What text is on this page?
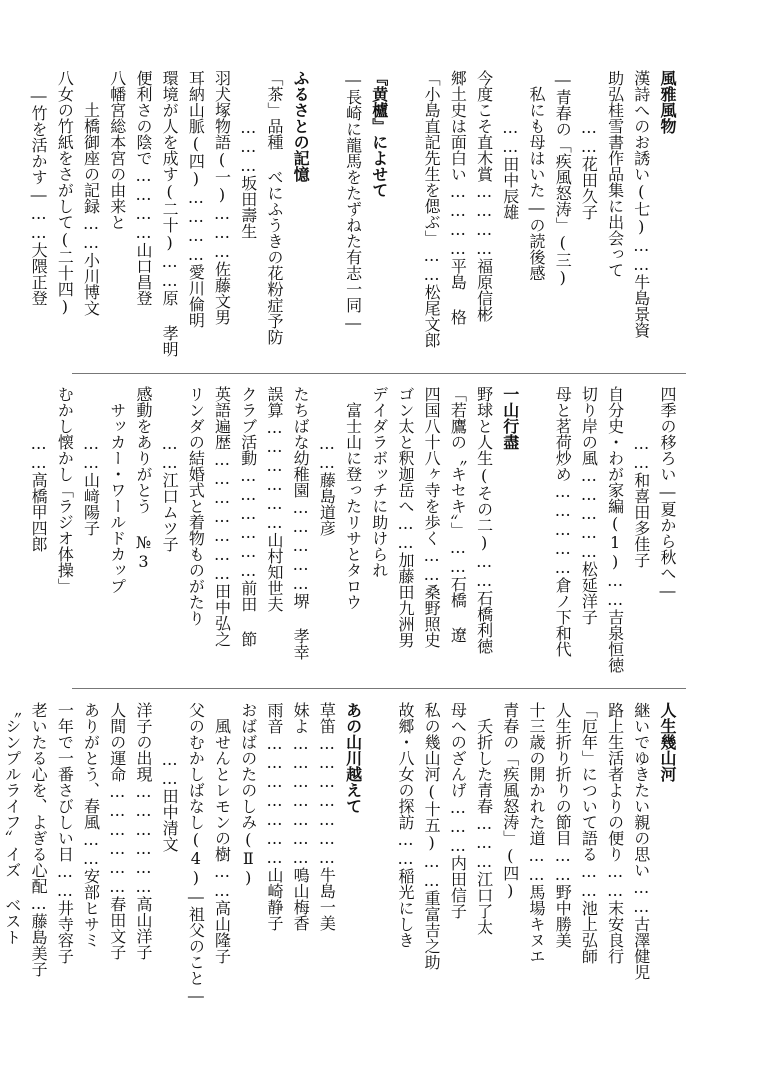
風雅風物
漢詩へのお誘い(七)……牛島景資
助弘桂雪書作品集に出会って
……花田久子
―青春の「疾風怒涛」(三)
私にも母はいた―の読後感
……田中辰雄
今度こそ直木賞…………福原信彬
郷土史は面白い…………平島 格
「小島直記先生を偲ぶ」……松尾文郎
『黄櫨』によせて
―長崎に龍馬をたずねた有志一同―
ふるさとの記憶
「茶」品種 べにふうきの花粉症予防
………坂田壽生
羽犬塚物語(一)………佐藤文男
耳納山脈(四)…………愛川倫明
環境が人を成す(二十)……原 孝明
便利さの陰で…………山口昌登
八幡宮総本宮の由来と
土橋御座の記録……小川博文
八女の竹紙をさがして(二十四)
―竹を活かす―……大隈正登
四季の移ろい―夏から秋へ―
……和喜田多佳子
自分史・わが家編(1)……吉泉恒徳
切り岸の風……………松延洋子
母と茗荷炒め……………倉ノ下和代
一山行盡
野球と人生(その二)……石橋利徳
「若鷹の〝キセキ〟」……石橋 遼
四国八十八ヶ寺を歩く……桑野照史
ゴン太と釈迦岳へ……加藤田九洲男
デイダラボッチに助けられ
富士山に登ったリサとタロウ
……藤島道彦
たちばな幼稚園……………堺 孝幸
誤算………………山村知世夫
クラブ活動………………前田 節
英語遍歴…………………田中弘之
リンダの結婚式と着物ものがたり
……江口ムツ子
感動をありがとう №3
サッカー・ワールドカップ
……山﨑陽子
むかし懐かし「ラジオ体操」
……高橋甲四郎
人生幾山河
継いでゆきたい親の思い……古澤健児
路上生活者よりの便り……末安良行
「厄年」について語る……池上弘師
人生折り折りの節目……野中勝美
十三歳の開かれた道……馬場キヌエ
青春の「疾風怒涛」(四)
夭折した青春………江口了太
母へのざんげ………内田信子
私の幾山河(十五)……重富吉之助
故郷・八女の探訪……稲光にしき
あの山川越えて
草笛…………………牛島一美
妹よ…………………鳴山梅香
雨音…………………山崎静子
おばばのたのしみ(Ⅱ)
風せんとレモンの樹……高山隆子
父のむかしばなし(4)―祖父のこと―
……田中清文
洋子の出現………………高山洋子
人間の運命………………春田文子
ありがとう、春風……安部ヒサミ
一年で一番さびしい日……井寺容子
老いたる心を、よぎる心配…藤島美子
〝シンプルライフ〟イズ ベスト
